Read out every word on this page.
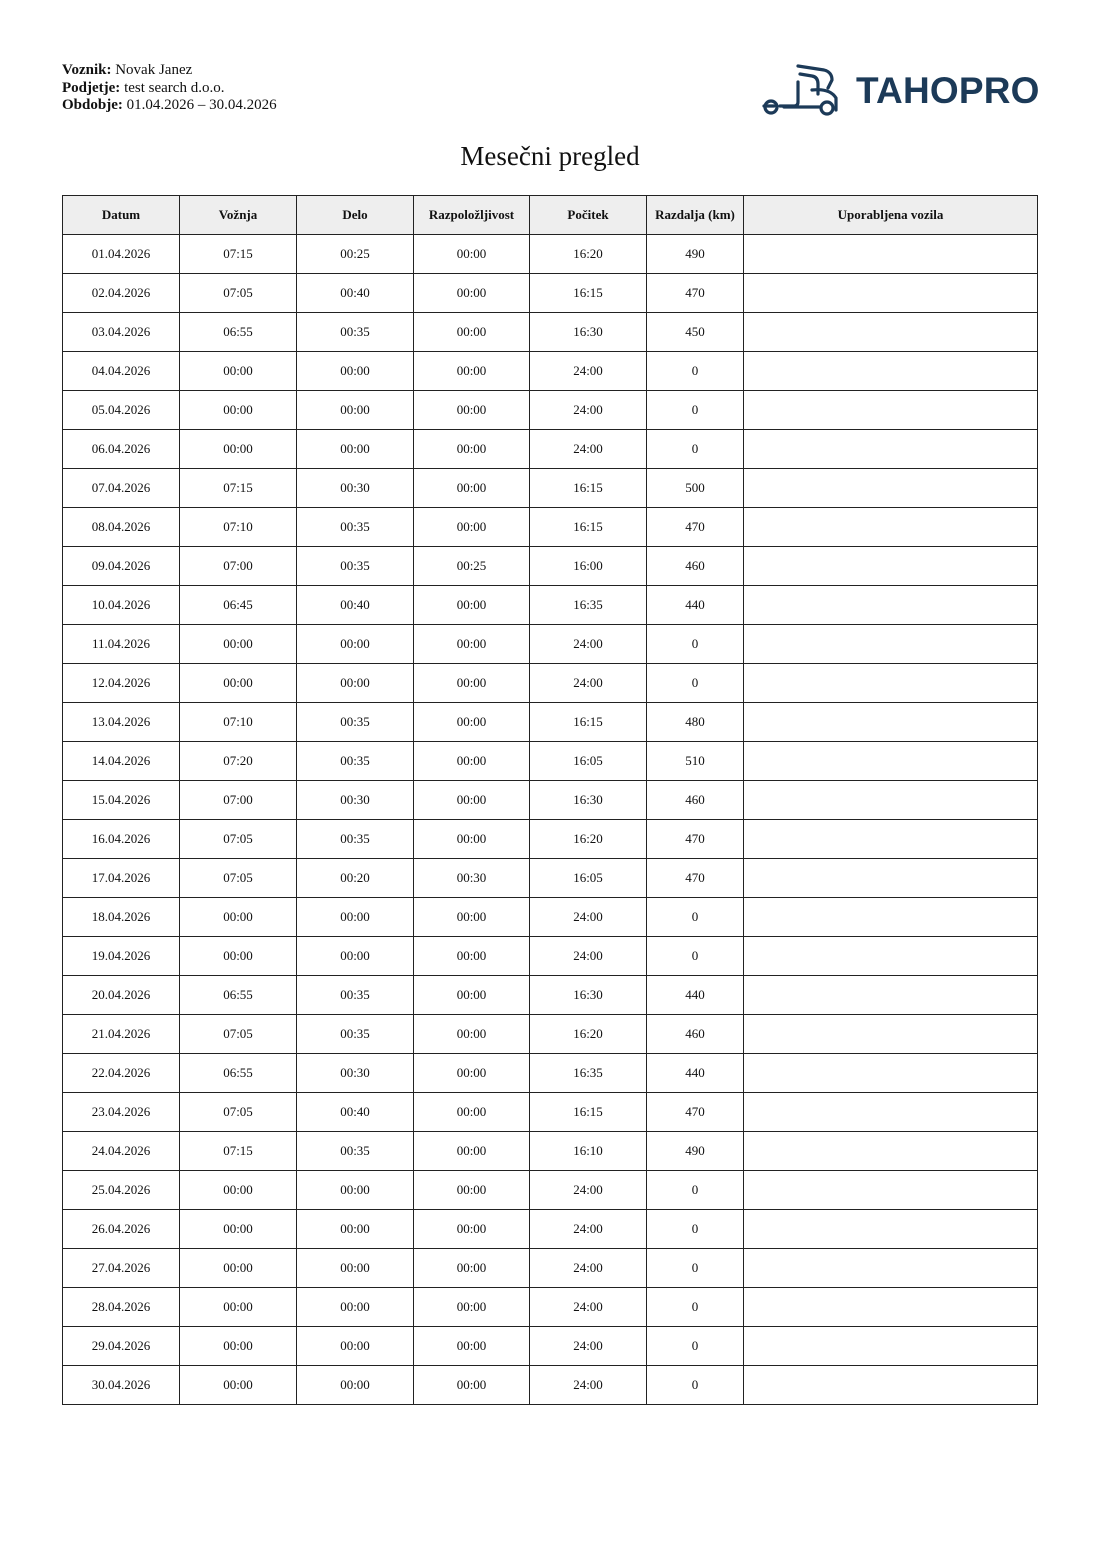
Voznik: Novak Janez
Podjetje: test search d.o.o.
Obdobje: 01.04.2026 – 30.04.2026	TAHOPRO
Mesečni pregled
Datum	Vožnja	Delo	Razpoložljivost	Počitek	Razdalja (km)	Uporabljena vozila
01.04.2026	07:15	00:25	00:00	16:20	490	
02.04.2026	07:05	00:40	00:00	16:15	470	
03.04.2026	06:55	00:35	00:00	16:30	450	
04.04.2026	00:00	00:00	00:00	24:00	0	
05.04.2026	00:00	00:00	00:00	24:00	0	
06.04.2026	00:00	00:00	00:00	24:00	0	
07.04.2026	07:15	00:30	00:00	16:15	500	
08.04.2026	07:10	00:35	00:00	16:15	470	
09.04.2026	07:00	00:35	00:25	16:00	460	
10.04.2026	06:45	00:40	00:00	16:35	440	
11.04.2026	00:00	00:00	00:00	24:00	0	
12.04.2026	00:00	00:00	00:00	24:00	0	
13.04.2026	07:10	00:35	00:00	16:15	480	
14.04.2026	07:20	00:35	00:00	16:05	510	
15.04.2026	07:00	00:30	00:00	16:30	460	
16.04.2026	07:05	00:35	00:00	16:20	470	
17.04.2026	07:05	00:20	00:30	16:05	470	
18.04.2026	00:00	00:00	00:00	24:00	0	
19.04.2026	00:00	00:00	00:00	24:00	0	
20.04.2026	06:55	00:35	00:00	16:30	440	
21.04.2026	07:05	00:35	00:00	16:20	460	
22.04.2026	06:55	00:30	00:00	16:35	440	
23.04.2026	07:05	00:40	00:00	16:15	470	
24.04.2026	07:15	00:35	00:00	16:10	490	
25.04.2026	00:00	00:00	00:00	24:00	0	
26.04.2026	00:00	00:00	00:00	24:00	0	
27.04.2026	00:00	00:00	00:00	24:00	0	
28.04.2026	00:00	00:00	00:00	24:00	0	
29.04.2026	00:00	00:00	00:00	24:00	0	
30.04.2026	00:00	00:00	00:00	24:00	0	
